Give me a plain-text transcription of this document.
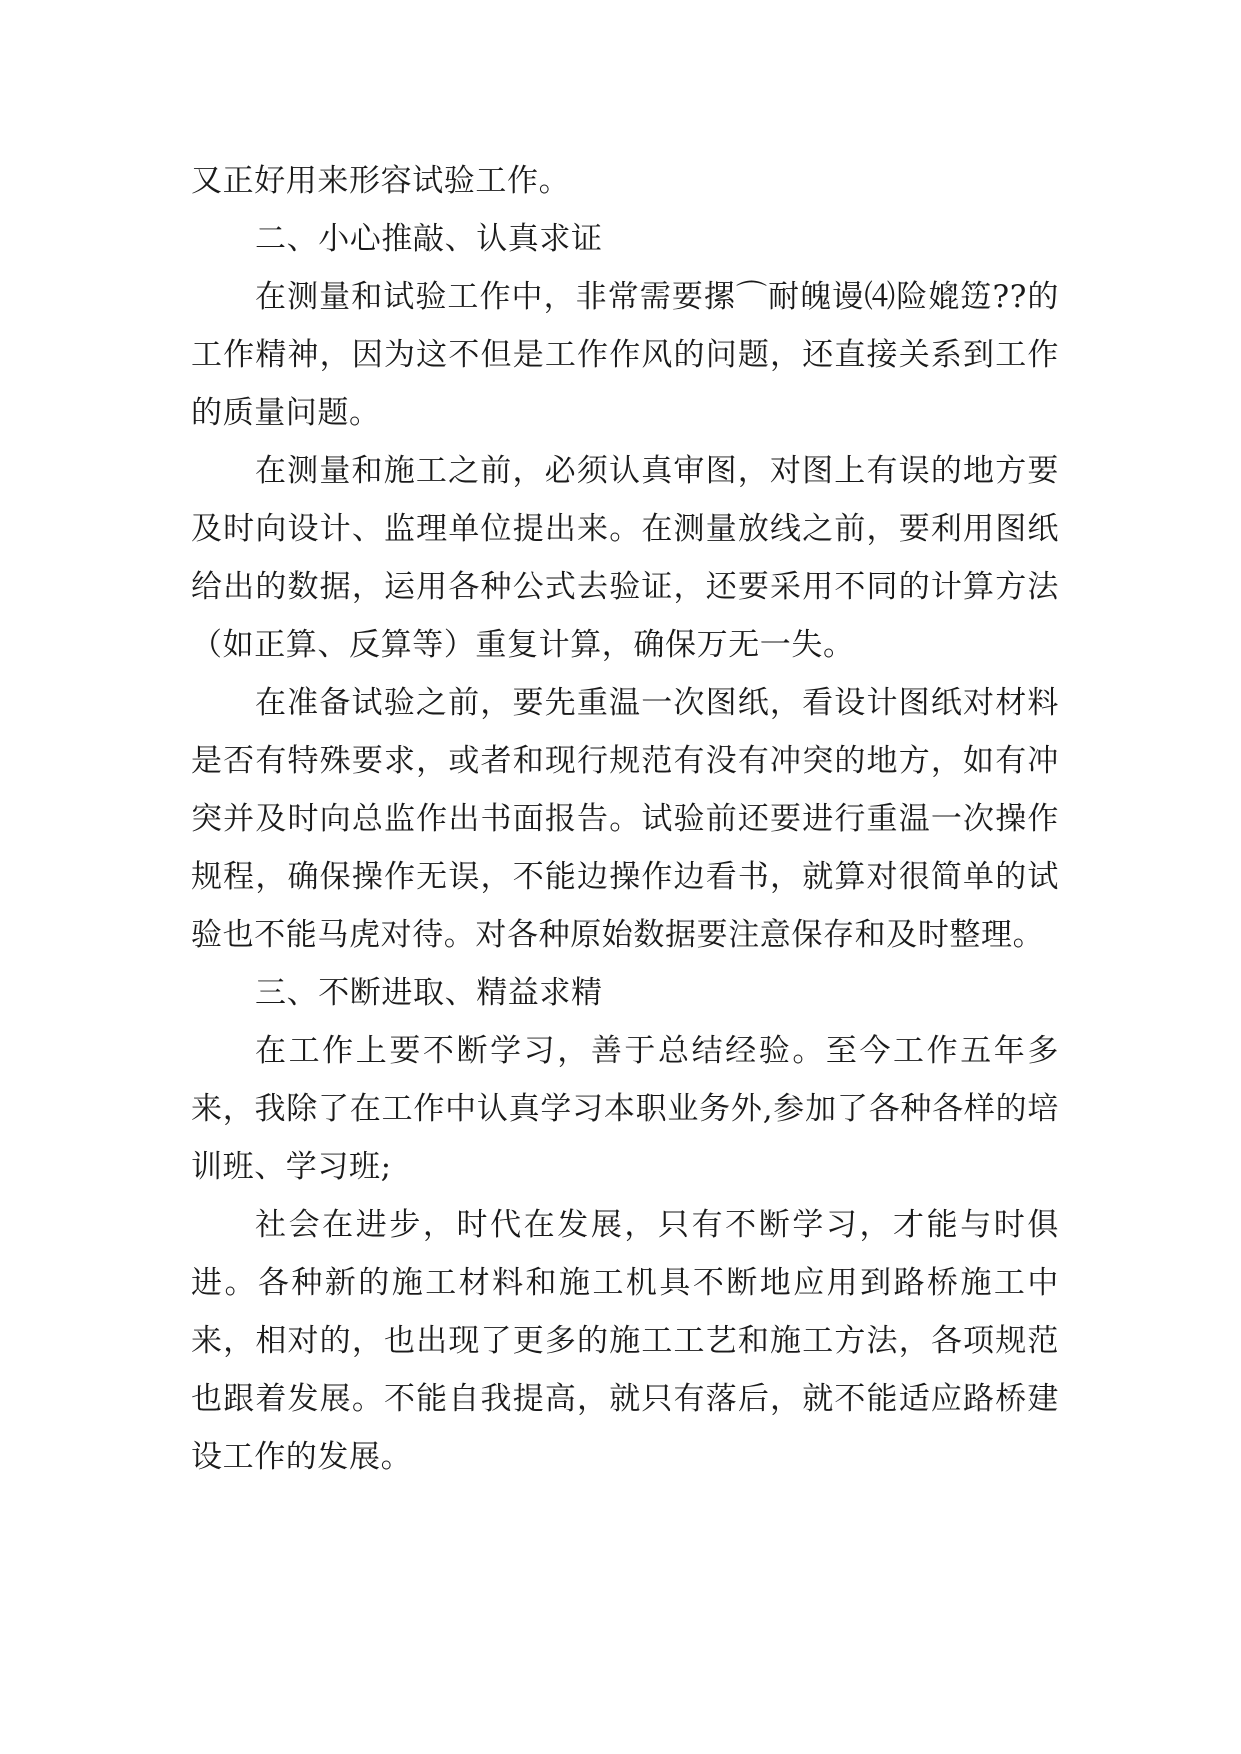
又正好用来形容试验工作。

二、小心推敲、认真求证

在测量和试验工作中，非常需要摞⌒耐魄谩⑷险媲笾??的工作精神，因为这不但是工作作风的问题，还直接关系到工作的质量问题。

在测量和施工之前，必须认真审图，对图上有误的地方要及时向设计、监理单位提出来。在测量放线之前，要利用图纸给出的数据，运用各种公式去验证，还要采用不同的计算方法（如正算、反算等）重复计算，确保万无一失。

在准备试验之前，要先重温一次图纸，看设计图纸对材料是否有特殊要求，或者和现行规范有没有冲突的地方，如有冲突并及时向总监作出书面报告。试验前还要进行重温一次操作规程，确保操作无误，不能边操作边看书，就算对很简单的试验也不能马虎对待。对各种原始数据要注意保存和及时整理。

三、不断进取、精益求精

在工作上要不断学习，善于总结经验。至今工作五年多来，我除了在工作中认真学习本职业务外,参加了各种各样的培训班、学习班;

社会在进步，时代在发展，只有不断学习，才能与时俱进。各种新的施工材料和施工机具不断地应用到路桥施工中来，相对的，也出现了更多的施工工艺和施工方法，各项规范也跟着发展。不能自我提高，就只有落后，就不能适应路桥建设工作的发展。
